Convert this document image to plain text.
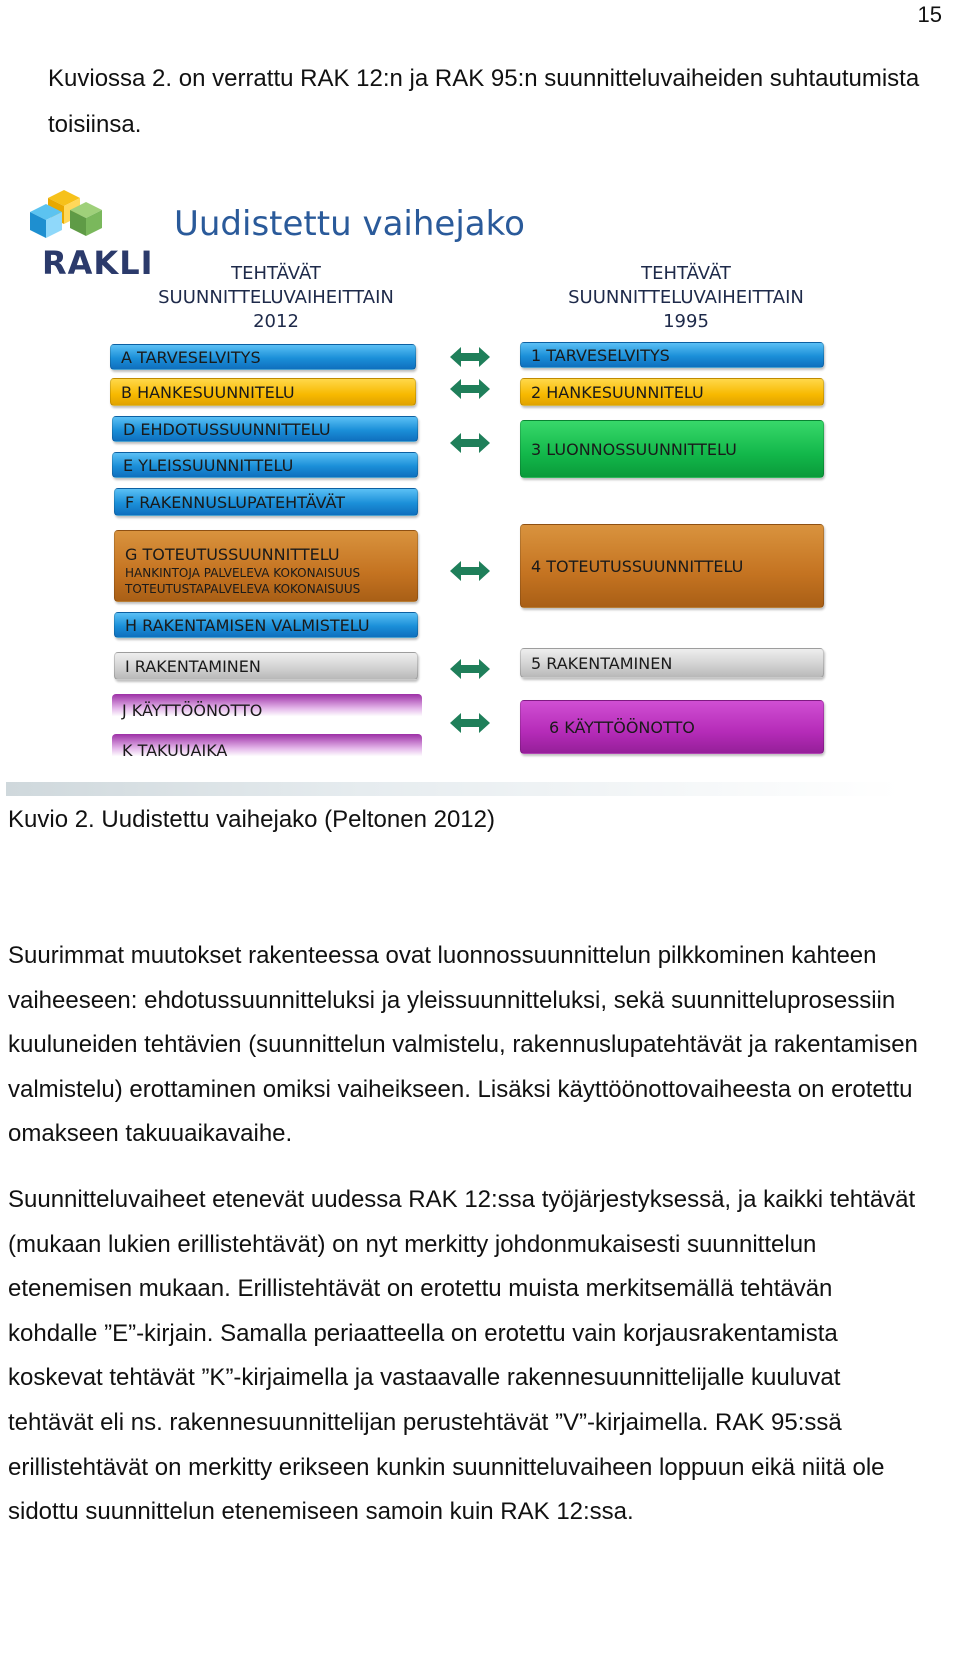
15

Kuviossa 2. on verrattu RAK 12:n ja RAK 95:n suunnitteluvaiheiden suhtautumista toisiinsa.

RAKLI
Uudistettu vaihejako
TEHTÄVÄT
SUUNNITTELUVAIHEITTAIN
2012
TEHTÄVÄT
SUUNNITTELUVAIHEITTAIN
1995
A TARVESELVITYS
B HANKESUUNNITELU
D EHDOTUSSUUNNITTELU
E YLEISSUUNNITTELU
F RAKENNUSLUPATEHTÄVÄT
G TOTEUTUSSUUNNITTELU
HANKINTOJA PALVELEVA KOKONAISUUS
TOTEUTUSTAPALVELEVA KOKONAISUUS
H RAKENTAMISEN VALMISTELU
I RAKENTAMINEN
J KÄYTTÖÖNOTTO
K TAKUUAIKA
1 TARVESELVITYS
2 HANKESUUNNITELU
3 LUONNOSSUUNNITTELU
4 TOTEUTUSSUUNNITTELU
5 RAKENTAMINEN
6 KÄYTTÖÖNOTTO

Kuvio 2. Uudistettu vaihejako (Peltonen 2012)

Suurimmat muutokset rakenteessa ovat luonnossuunnittelun pilkkominen kahteen vaiheeseen: ehdotussuunnitteluksi ja yleissuunnitteluksi, sekä suunnitteluprosessiin kuuluneiden tehtävien (suunnittelun valmistelu, rakennuslupatehtävät ja rakentamisen valmistelu) erottaminen omiksi vaiheikseen. Lisäksi käyttöönottovaiheesta on erotettu omakseen takuuaikavaihe.

Suunnitteluvaiheet etenevät uudessa RAK 12:ssa työjärjestyksessä, ja kaikki tehtävät (mukaan lukien erillistehtävät) on nyt merkitty johdonmukaisesti suunnittelun etenemisen mukaan. Erillistehtävät on erotettu muista merkitsemällä tehtävän kohdalle ”E”-kirjain. Samalla periaatteella on erotettu vain korjausrakentamista koskevat tehtävät ”K”-kirjaimella ja vastaavalle rakennesuunnittelijalle kuuluvat tehtävät eli ns. rakennesuunnittelijan perustehtävät ”V”-kirjaimella. RAK 95:ssä erillistehtävät on merkitty erikseen kunkin suunnitteluvaiheen loppuun eikä niitä ole sidottu suunnittelun etenemiseen samoin kuin RAK 12:ssa.
